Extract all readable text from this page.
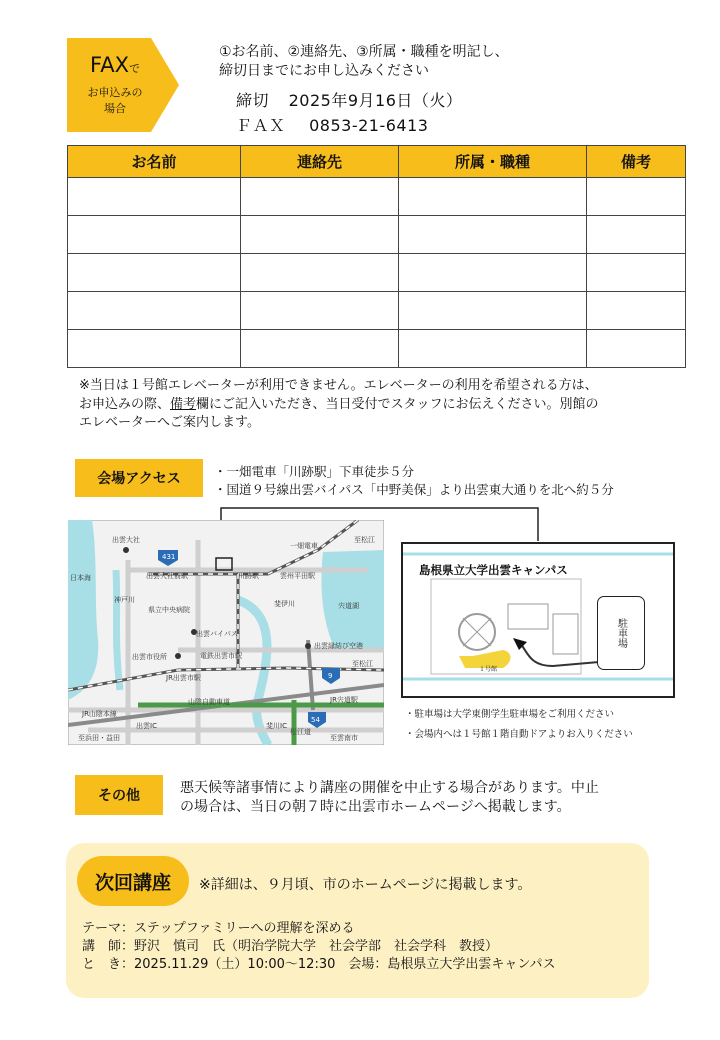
FAXで
お申込みの
場合
①お名前、②連絡先、③所属・職種を明記し、
締切日までにお申し込みください
締切 2025年9月16日（火）
ＦＡＸ 0853-21-6413
お名前	連絡先	所属・職種	備考

※当日は１号館エレベーターが利用できません。エレベーターの利用を希望される方は、
お申込みの際、備考欄にご記入いただき、当日受付でスタッフにお伝えください。別館の
エレベーターへご案内します。
会場アクセス	・一畑電車「川跡駅」下車徒歩５分
・国道９号線出雲バイパス「中野美保」より出雲東大通りを北へ約５分
431
9
54
出雲大社
日本海
神戸川
出雲大社前駅	川跡駅
一畑電車
至松江
雲州平田駅
県立中央病院
斐伊川	宍道湖
出雲バイパス
出雲縁結び空港
出雲市役所	電鉄出雲市駅
至松江
JR出雲市駅
JR宍道駅
山陰自動車道
JR山陰本線
出雲IC	斐川IC
松江道
至浜田・益田	至雲南市
島根県立大学出雲キャンパス
１号館
駐車場
・駐車場は大学東側学生駐車場をご利用ください
・会場内へは１号館１階自動ドアよりお入りください
その他	悪天候等諸事情により講座の開催を中止する場合があります。中止
の場合は、当日の朝７時に出雲市ホームページへ掲載します。
次回講座	※詳細は、９月頃、市のホームページに掲載します。
テーマ：ステップファミリーへの理解を深める
講　師：野沢　慎司　氏（明治学院大学　社会学部　社会学科　教授）
と　き：2025.11.29（土）10:00～12:30　会場：島根県立大学出雲キャンパス
